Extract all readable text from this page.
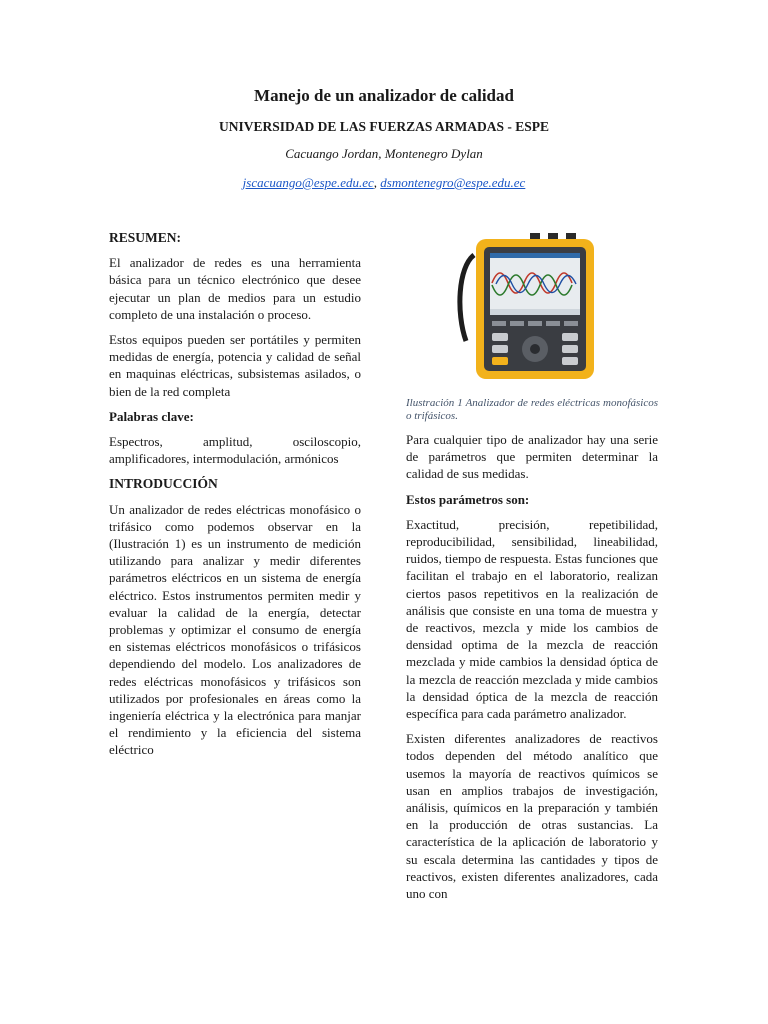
Manejo de un analizador de calidad
UNIVERSIDAD DE LAS FUERZAS ARMADAS - ESPE
Cacuango Jordan, Montenegro Dylan
jscacuango@espe.edu.ec, dsmontenegro@espe.edu.ec
RESUMEN:

El analizador de redes es una herramienta básica para un técnico electrónico que desee ejecutar un plan de medios para un estudio completo de una instalación o proceso.

Estos equipos pueden ser portátiles y permiten medidas de energía, potencia y calidad de señal en maquinas eléctricas, subsistemas asilados, o bien de la red completa

Palabras clave:

Espectros, amplitud, osciloscopio, amplificadores, intermodulación, armónicos

INTRODUCCIÓN

Un analizador de redes eléctricas monofásico o trifásico como podemos observar en la (Ilustración 1) es un instrumento de medición utilizando para analizar y medir diferentes parámetros eléctricos en un sistema de energía eléctrico. Estos instrumentos permiten medir y evaluar la calidad de la energía, detectar problemas y optimizar el consumo de energía en sistemas eléctricos monofásicos o trifásicos dependiendo del modelo. Los analizadores de redes eléctricas monofásicos y trifásicos son utilizados por profesionales en áreas como la ingeniería eléctrica y la electrónica para manjar el rendimiento y la eficiencia del sistema eléctrico

Ilustración 1 Analizador de redes eléctricas monofásicos o trifásicos.

Para cualquier tipo de analizador hay una serie de parámetros que permiten determinar la calidad de sus medidas.

Estos parámetros son:

Exactitud, precisión, repetibilidad, reproducibilidad, sensibilidad, lineabilidad, ruidos, tiempo de respuesta. Estas funciones que facilitan el trabajo en el laboratorio, realizan ciertos pasos repetitivos en la realización de análisis que consiste en una toma de muestra y de reactivos, mezcla y mide los cambios de densidad optima de la mezcla de reacción mezclada y mide cambios la densidad óptica de la mezcla de reacción mezclada y mide cambios la densidad óptica de la mezcla de reacción específica para cada parámetro analizador.

Existen diferentes analizadores de reactivos todos dependen del método analítico que usemos la mayoría de reactivos químicos se usan en amplios trabajos de investigación, análisis, químicos en la preparación y también en la producción de otras sustancias. La característica de la aplicación de laboratorio y su escala determina las cantidades y tipos de reactivos, existen diferentes analizadores, cada uno con
